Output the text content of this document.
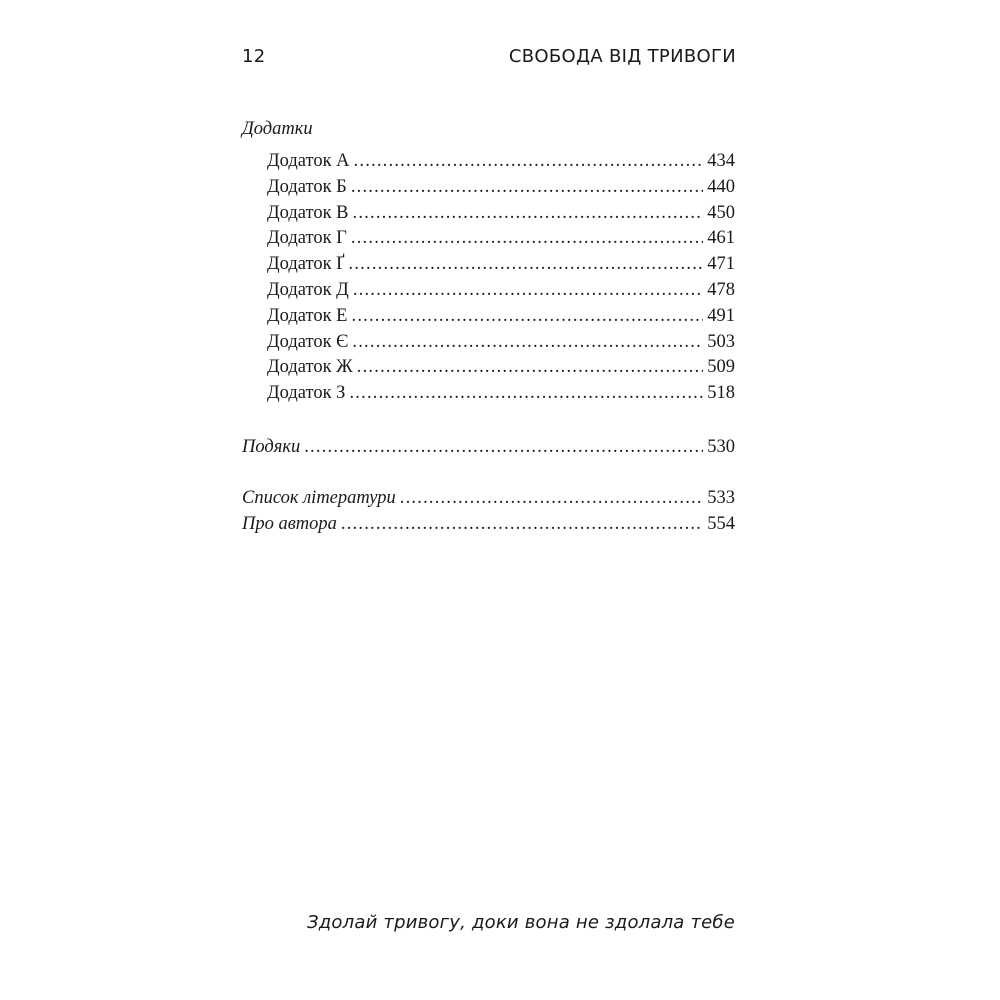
12	СВОБОДА ВІД ТРИВОГИ
Додатки
Додаток А .....	434
Додаток Б .....	440
Додаток В .....	450
Додаток Г .....	461
Додаток Ґ .....	471
Додаток Д .....	478
Додаток Е .....	491
Додаток Є .....	503
Додаток Ж .....	509
Додаток З .....	518
Подяки .....	530
Список літератури .....	533
Про автора .....	554
Здолай тривогу, доки вона не здолала тебе
